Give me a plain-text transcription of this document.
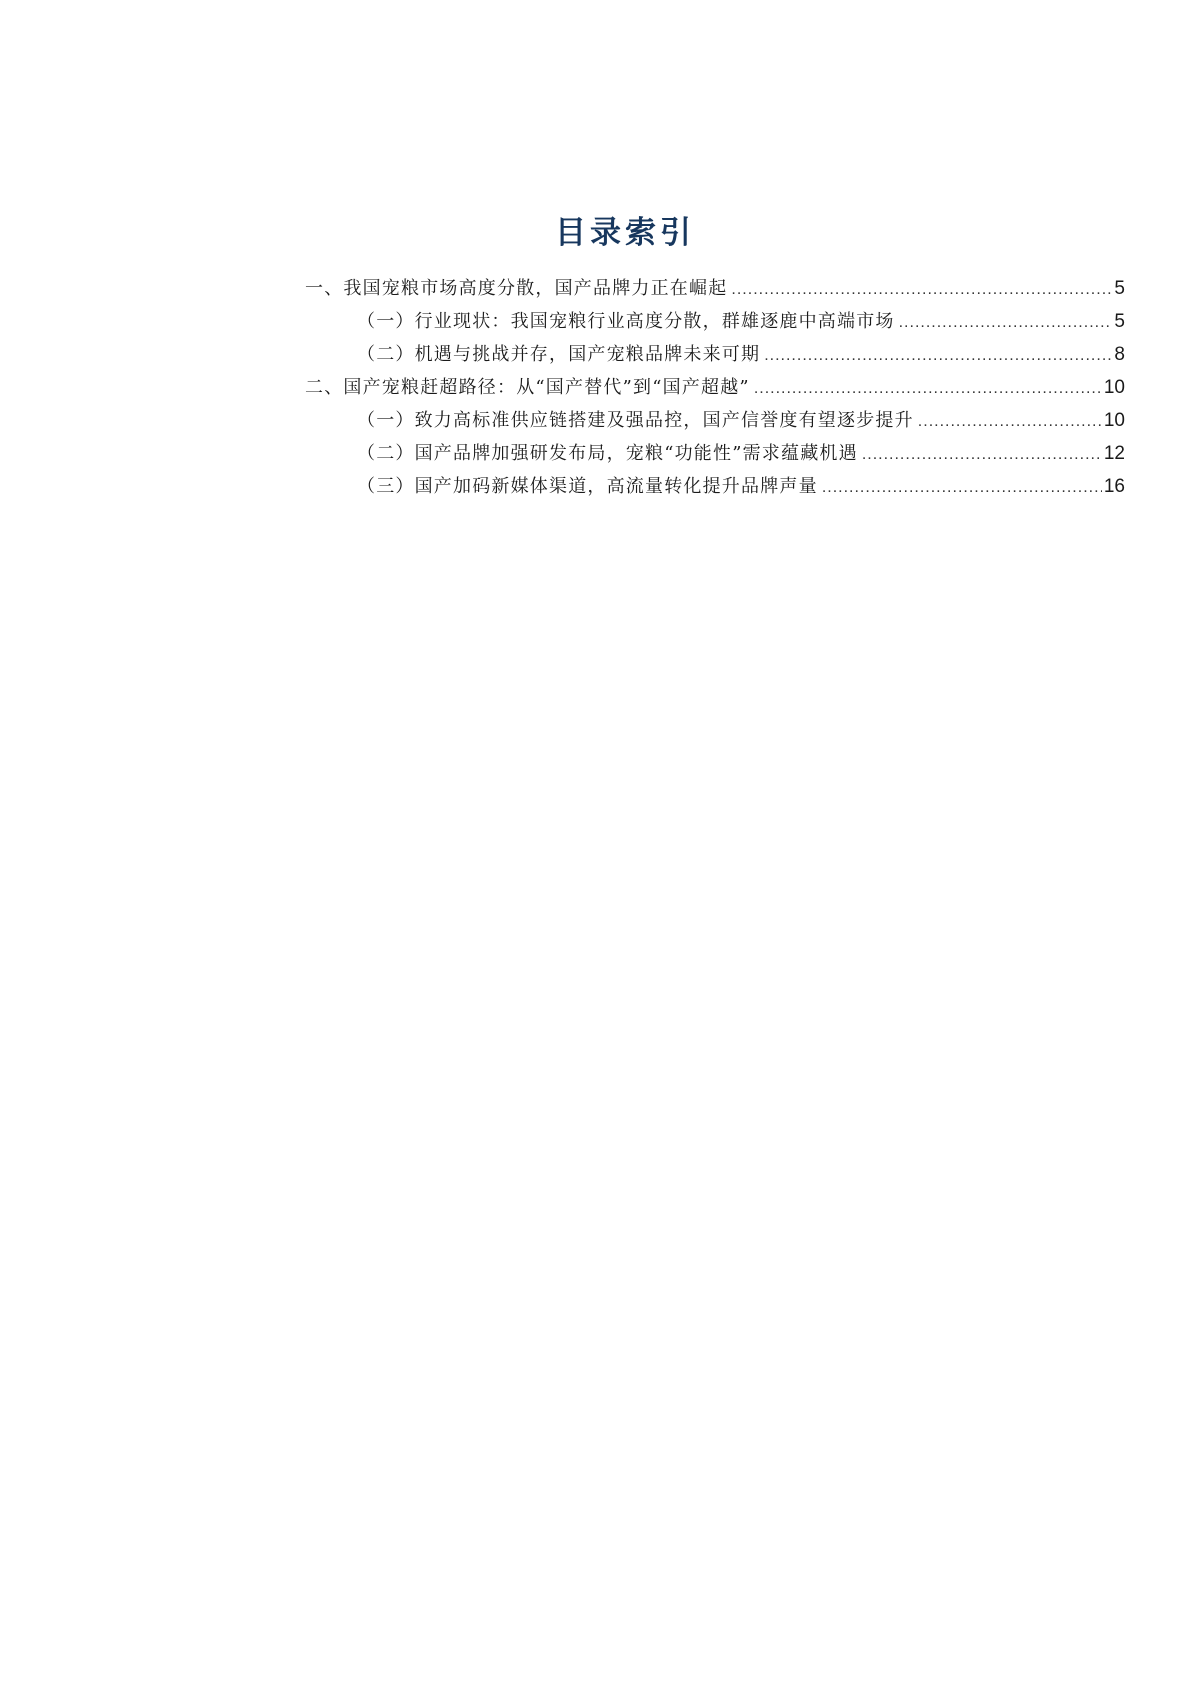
目录索引
一、我国宠粮市场高度分散，国产品牌力正在崛起 .....	5
（一）行业现状：我国宠粮行业高度分散，群雄逐鹿中高端市场 .....	5
（二）机遇与挑战并存，国产宠粮品牌未来可期 .....	8
二、国产宠粮赶超路径：从“国产替代”到“国产超越” .....	10
（一）致力高标准供应链搭建及强品控，国产信誉度有望逐步提升 .....	10
（二）国产品牌加强研发布局，宠粮“功能性”需求蕴藏机遇 .....	12
（三）国产加码新媒体渠道，高流量转化提升品牌声量 .....	16
